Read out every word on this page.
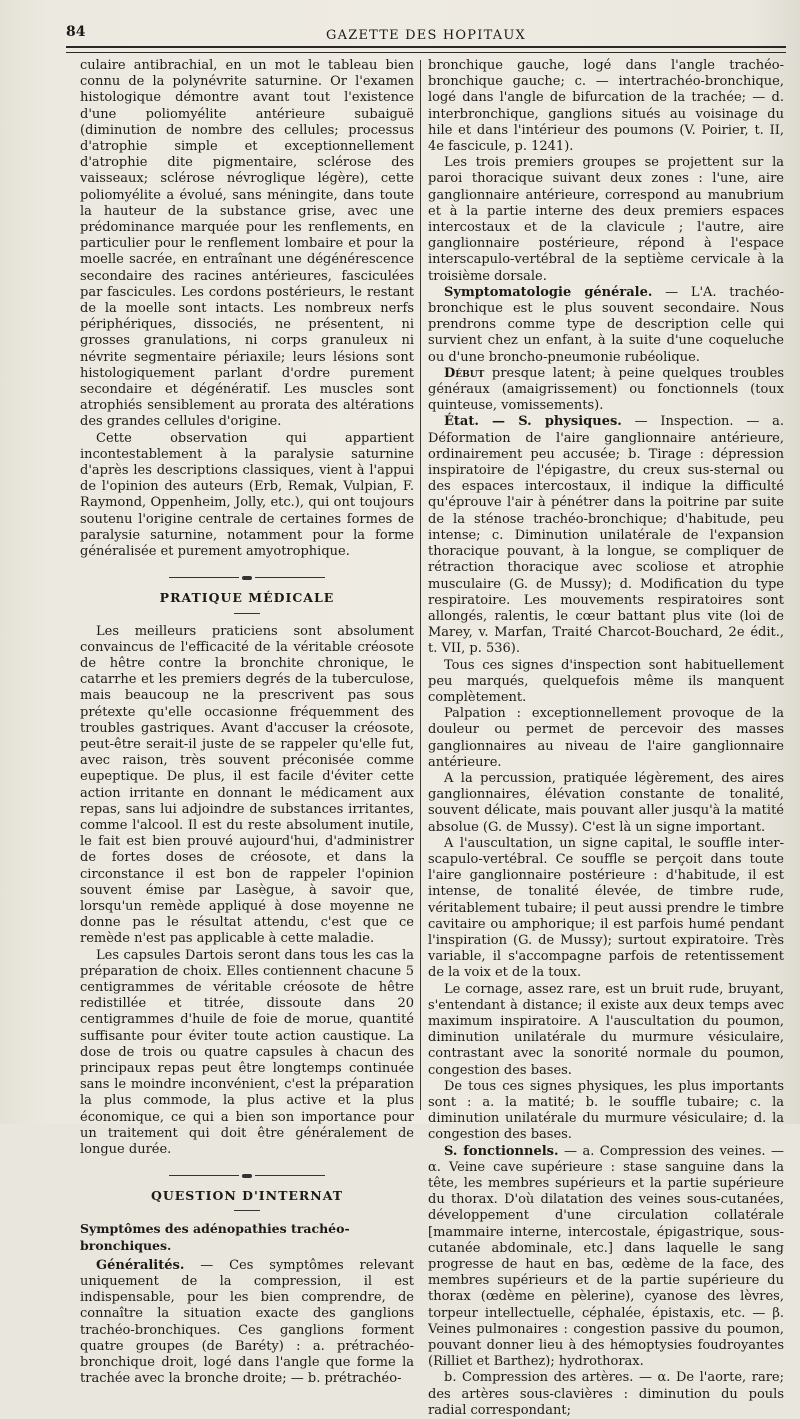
84	GAZETTE DES HOPITAUX

culaire antibrachial, en un mot le tableau bien connu de la polynévrite saturnine. Or l'examen histologique démontre avant tout l'existence d'une poliomyélite antérieure subaiguë (diminution de nombre des cellules; processus d'atrophie simple et exceptionnellement d'atrophie dite pigmentaire, sclérose des vaisseaux; sclérose névroglique légère), cette poliomyélite a évolué, sans méningite, dans toute la hauteur de la substance grise, avec une prédominance marquée pour les renflements, en particulier pour le renflement lombaire et pour la moelle sacrée, en entraînant une dégénérescence secondaire des racines antérieures, fasciculées par fascicules. Les cordons postérieurs, le restant de la moelle sont intacts. Les nombreux nerfs périphériques, dissociés, ne présentent, ni grosses granulations, ni corps granuleux ni névrite segmentaire périaxile; leurs lésions sont histologiquement parlant d'ordre purement secondaire et dégénératif. Les muscles sont atrophiés sensiblement au prorata des altérations des grandes cellules d'origine.

Cette observation qui appartient incontestablement à la paralysie saturnine d'après les descriptions classiques, vient à l'appui de l'opinion des auteurs (Erb, Remak, Vulpian, F. Raymond, Oppenheim, Jolly, etc.), qui ont toujours soutenu l'origine centrale de certaines formes de paralysie saturnine, notamment pour la forme généralisée et purement amyotrophique.

PRATIQUE MÉDICALE

Les meilleurs praticiens sont absolument convaincus de l'efficacité de la véritable créosote de hêtre contre la bronchite chronique, le catarrhe et les premiers degrés de la tuberculose, mais beaucoup ne la prescrivent pas sous prétexte qu'elle occasionne fréquemment des troubles gastriques. Avant d'accuser la créosote, peut-être serait-il juste de se rappeler qu'elle fut, avec raison, très souvent préconisée comme eupeptique. De plus, il est facile d'éviter cette action irritante en donnant le médicament aux repas, sans lui adjoindre de substances irritantes, comme l'alcool. Il est du reste absolument inutile, le fait est bien prouvé aujourd'hui, d'administrer de fortes doses de créosote, et dans la circonstance il est bon de rappeler l'opinion souvent émise par Lasègue, à savoir que, lorsqu'un remède appliqué à dose moyenne ne donne pas le résultat attendu, c'est que ce remède n'est pas applicable à cette maladie.

Les capsules Dartois seront dans tous les cas la préparation de choix. Elles contiennent chacune 5 centigrammes de véritable créosote de hêtre redistillée et titrée, dissoute dans 20 centigrammes d'huile de foie de morue, quantité suffisante pour éviter toute action caustique. La dose de trois ou quatre capsules à chacun des principaux repas peut être longtemps continuée sans le moindre inconvénient, c'est la préparation la plus commode, la plus active et la plus économique, ce qui a bien son importance pour un traitement qui doit être généralement de longue durée.

QUESTION D'INTERNAT
Symptômes des adénopathies trachéo-bronchiques.

Généralités. — Ces symptômes relevant uniquement de la compression, il est indispensable, pour les bien comprendre, de connaître la situation exacte des ganglions trachéo-bronchiques. Ces ganglions forment quatre groupes (de Baréty) : a. prétrachéo-bronchique droit, logé dans l'angle que forme la trachée avec la bronche droite; — b. prétrachéo-

bronchique gauche, logé dans l'angle trachéo-bronchique gauche; c. — intertrachéo-bronchique, logé dans l'angle de bifurcation de la trachée; — d. interbronchique, ganglions situés au voisinage du hile et dans l'intérieur des poumons (V. Poirier, t. II, 4e fascicule, p. 1241).

Les trois premiers groupes se projettent sur la paroi thoracique suivant deux zones : l'une, aire ganglionnaire antérieure, correspond au manubrium et à la partie interne des deux premiers espaces intercostaux et de la clavicule ; l'autre, aire ganglionnaire postérieure, répond à l'espace interscapulo-vertébral de la septième cervicale à la troisième dorsale.

Symptomatologie générale. — L'A. trachéo-bronchique est le plus souvent secondaire. Nous prendrons comme type de description celle qui survient chez un enfant, à la suite d'une coqueluche ou d'une broncho-pneumonie rubéolique.

Début presque latent; à peine quelques troubles généraux (amaigrissement) ou fonctionnels (toux quinteuse, vomissements).

État. — S. physiques. — Inspection. — a. Déformation de l'aire ganglionnaire antérieure, ordinairement peu accusée; b. Tirage : dépression inspiratoire de l'épigastre, du creux sus-sternal ou des espaces intercostaux, il indique la difficulté qu'éprouve l'air à pénétrer dans la poitrine par suite de la sténose trachéo-bronchique; d'habitude, peu intense; c. Diminution unilatérale de l'expansion thoracique pouvant, à la longue, se compliquer de rétraction thoracique avec scoliose et atrophie musculaire (G. de Mussy); d. Modification du type respiratoire. Les mouvements respiratoires sont allongés, ralentis, le cœur battant plus vite (loi de Marey, v. Marfan, Traité Charcot-Bouchard, 2e édit., t. VII, p. 536).

Tous ces signes d'inspection sont habituellement peu marqués, quelquefois même ils manquent complètement.

Palpation : exceptionnellement provoque de la douleur ou permet de percevoir des masses ganglionnaires au niveau de l'aire ganglionnaire antérieure.

A la percussion, pratiquée légèrement, des aires ganglionnaires, élévation constante de tonalité, souvent délicate, mais pouvant aller jusqu'à la matité absolue (G. de Mussy). C'est là un signe important.

A l'auscultation, un signe capital, le souffle inter-scapulo-vertébral. Ce souffle se perçoit dans toute l'aire ganglionnaire postérieure : d'habitude, il est intense, de tonalité élevée, de timbre rude, véritablement tubaire; il peut aussi prendre le timbre cavitaire ou amphorique; il est parfois humé pendant l'inspiration (G. de Mussy); surtout expiratoire. Très variable, il s'accompagne parfois de retentissement de la voix et de la toux.

Le cornage, assez rare, est un bruit rude, bruyant, s'entendant à distance; il existe aux deux temps avec maximum inspiratoire. A l'auscultation du poumon, diminution unilatérale du murmure vésiculaire, contrastant avec la sonorité normale du poumon, congestion des bases.

De tous ces signes physiques, les plus importants sont : a. la matité; b. le souffle tubaire; c. la diminution unilatérale du murmure vésiculaire; d. la congestion des bases.

S. fonctionnels. — a. Compression des veines. — α. Veine cave supérieure : stase sanguine dans la tête, les membres supérieurs et la partie supérieure du thorax. D'où dilatation des veines sous-cutanées, développement d'une circulation collatérale [mammaire interne, intercostale, épigastrique, sous-cutanée abdominale, etc.] dans laquelle le sang progresse de haut en bas, œdème de la face, des membres supérieurs et de la partie supérieure du thorax (œdème en pèlerine), cyanose des lèvres, torpeur intellectuelle, céphalée, épistaxis, etc. — β. Veines pulmonaires : congestion passive du poumon, pouvant donner lieu à des hémoptysies foudroyantes (Rilliet et Barthez); hydrothorax.

b. Compression des artères. — α. De l'aorte, rare; des artères sous-clavières : diminution du pouls radial correspondant;
